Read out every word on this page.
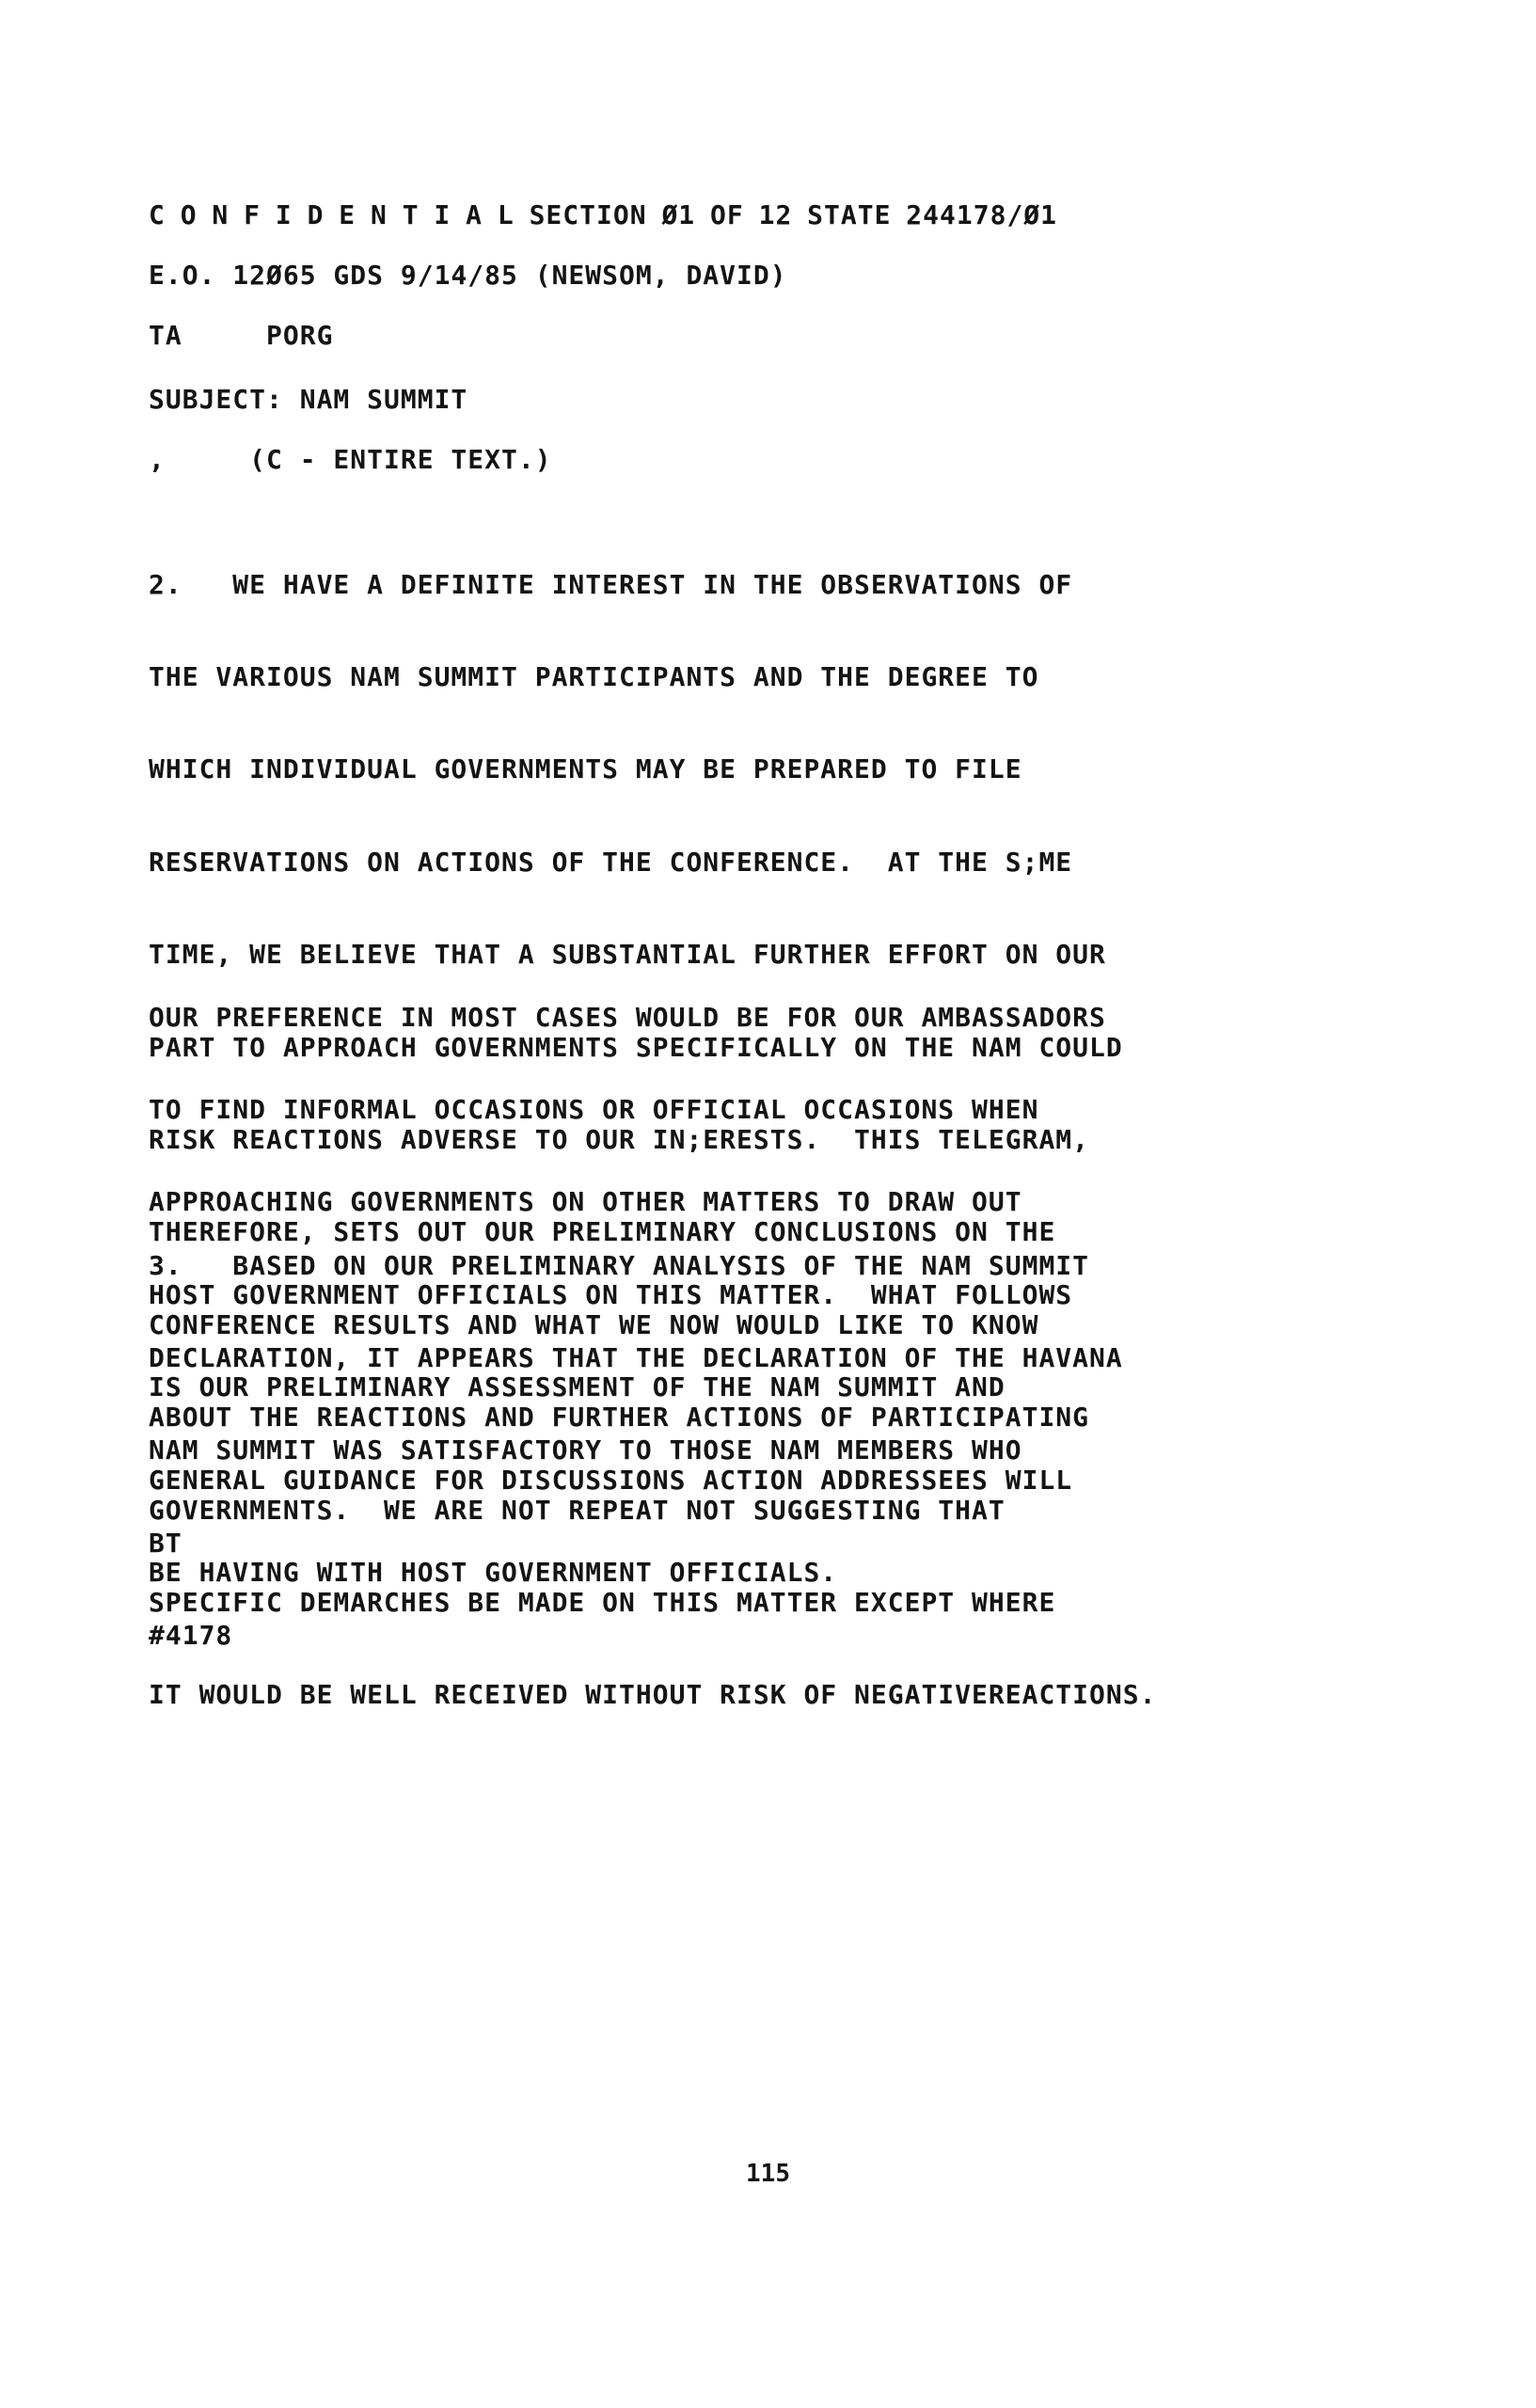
C O N F I D E N T I A L SECTION Ø1 OF 12 STATE 244178/Ø1
E.O. 12Ø65 GDS 9/14/85 (NEWSOM, DAVID)
TA     PORG
SUBJECT: NAM SUMMIT
,     (C - ENTIRE TEXT.)

2.   WE HAVE A DEFINITE INTEREST IN THE OBSERVATIONS OF

THE VARIOUS NAM SUMMIT PARTICIPANTS AND THE DEGREE TO

WHICH INDIVIDUAL GOVERNMENTS MAY BE PREPARED TO FILE

RESERVATIONS ON ACTIONS OF THE CONFERENCE.  AT THE S;ME

TIME, WE BELIEVE THAT A SUBSTANTIAL FURTHER EFFORT ON OUR

PART TO APPROACH GOVERNMENTS SPECIFICALLY ON THE NAM COULD

RISK REACTIONS ADVERSE TO OUR IN;ERESTS.  THIS TELEGRAM,

THEREFORE, SETS OUT OUR PRELIMINARY CONCLUSIONS ON THE

CONFERENCE RESULTS AND WHAT WE NOW WOULD LIKE TO KNOW

ABOUT THE REACTIONS AND FURTHER ACTIONS OF PARTICIPATING

GOVERNMENTS.  WE ARE NOT REPEAT NOT SUGGESTING THAT

SPECIFIC DEMARCHES BE MADE ON THIS MATTER EXCEPT WHERE

IT WOULD BE WELL RECEIVED WITHOUT RISK OF NEGATIVEREACTIONS.

OUR PREFERENCE IN MOST CASES WOULD BE FOR OUR AMBASSADORS

TO FIND INFORMAL OCCASIONS OR OFFICIAL OCCASIONS WHEN

APPROACHING GOVERNMENTS ON OTHER MATTERS TO DRAW OUT

HOST GOVERNMENT OFFICIALS ON THIS MATTER.  WHAT FOLLOWS

IS OUR PRELIMINARY ASSESSMENT OF THE NAM SUMMIT AND

GENERAL GUIDANCE FOR DISCUSSIONS ACTION ADDRESSEES WILL

BE HAVING WITH HOST GOVERNMENT OFFICIALS.

3.   BASED ON OUR PRELIMINARY ANALYSIS OF THE NAM SUMMIT

DECLARATION, IT APPEARS THAT THE DECLARATION OF THE HAVANA

NAM SUMMIT WAS SATISFACTORY TO THOSE NAM MEMBERS WHO

BT

#4178

115
